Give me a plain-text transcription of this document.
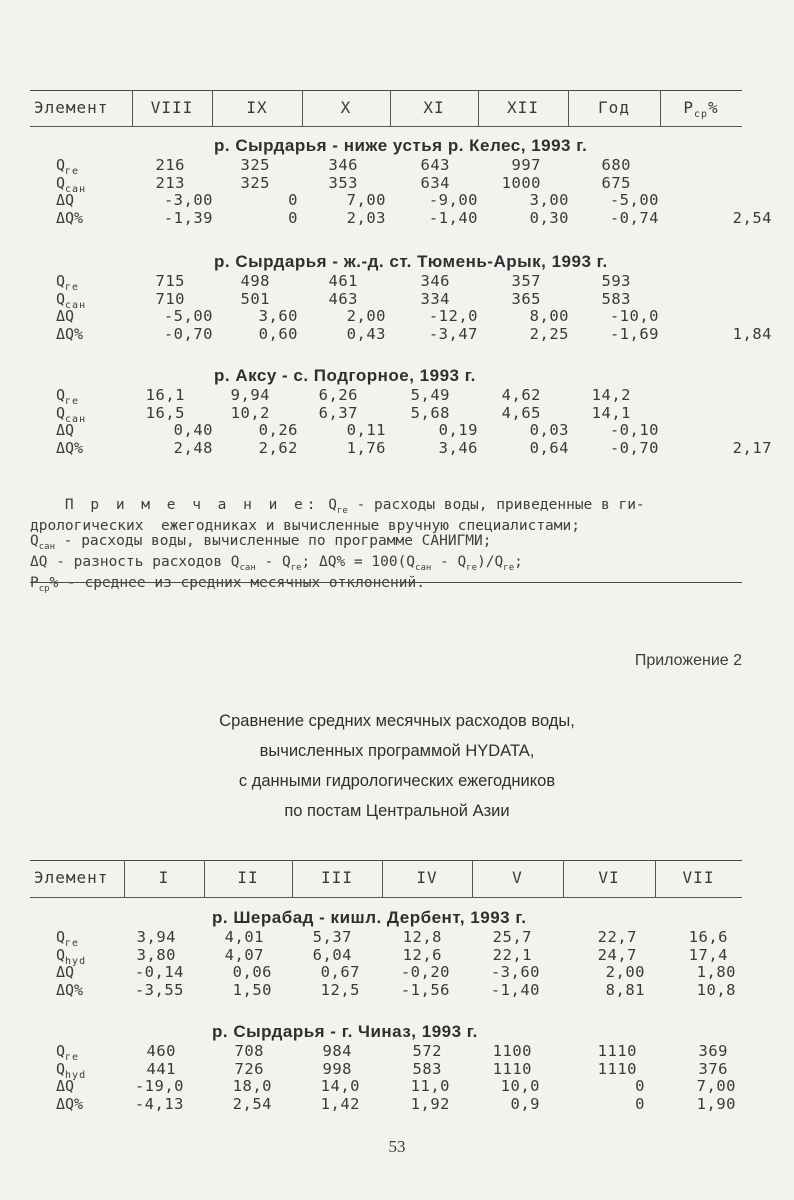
Элемент	VIII	IX	X	XI	XII	Год	$P_{ср}\%$
р. Сырдарья - ниже устья р. Келес, 1993 г.
$Q_{ге}$	216	325	346	643	997	680
$Q_{сан}$	213	325	353	634	1000	675
ΔQ	-3,00	0	7,00	-9,00	3,00	-5,00
ΔQ%	-1,39	0	2,03	-1,40	0,30	-0,74	2,54
р. Сырдарья - ж.-д. ст. Тюмень-Арык, 1993 г.
$Q_{ге}$	715	498	461	346	357	593
$Q_{сан}$	710	501	463	334	365	583
ΔQ	-5,00	3,60	2,00	-12,0	8,00	-10,0
ΔQ%	-0,70	0,60	0,43	-3,47	2,25	-1,69	1,84
р. Аксу - с. Подгорное, 1993 г.
$Q_{ге}$	16,1	9,94	6,26	5,49	4,62	14,2
$Q_{сан}$	16,5	10,2	6,37	5,68	4,65	14,1
ΔQ	0,40	0,26	0,11	0,19	0,03	-0,10
ΔQ%	2,48	2,62	1,76	3,46	0,64	-0,70	2,17

П р и м е ч а н и е: $Q_{ге}$ - расходы воды, приведенные в ги-
дрологических  ежегодниках и вычисленные вручную специалистами;
$Q_{сан}$ - расходы воды, вычисленные по программе САНИГМИ;
ΔQ - разность расходов $Q_{сан} - Q_{ге}$; $\Delta Q\% = 100(Q_{сан} - Q_{ге})/Q_{ге}$;
$P_{ср}\%$ - среднее из средних месячных отклонений.
Приложение 2
Сравнение средних месячных расходов воды,
вычисленных программой HYDATA,
с данными гидрологических ежегодников
по постам Центральной Азии
Элемент	I	II	III	IV	V	VI	VII
р. Шерабад - кишл. Дербент, 1993 г.
$Q_{ге}$	3,94	4,01	5,37	12,8	25,7	22,7	16,6
$Q_{hyd}$	3,80	4,07	6,04	12,6	22,1	24,7	17,4
ΔQ	-0,14	0,06	0,67	-0,20	-3,60	2,00	1,80
ΔQ%	-3,55	1,50	12,5	-1,56	-1,40	8,81	10,8
р. Сырдарья - г. Чиназ, 1993 г.
$Q_{ге}$	460	708	984	572	1100	1110	369
$Q_{hyd}$	441	726	998	583	1110	1110	376
ΔQ	-19,0	18,0	14,0	11,0	10,0	0	7,00
ΔQ%	-4,13	2,54	1,42	1,92	0,9	0	1,90
53
